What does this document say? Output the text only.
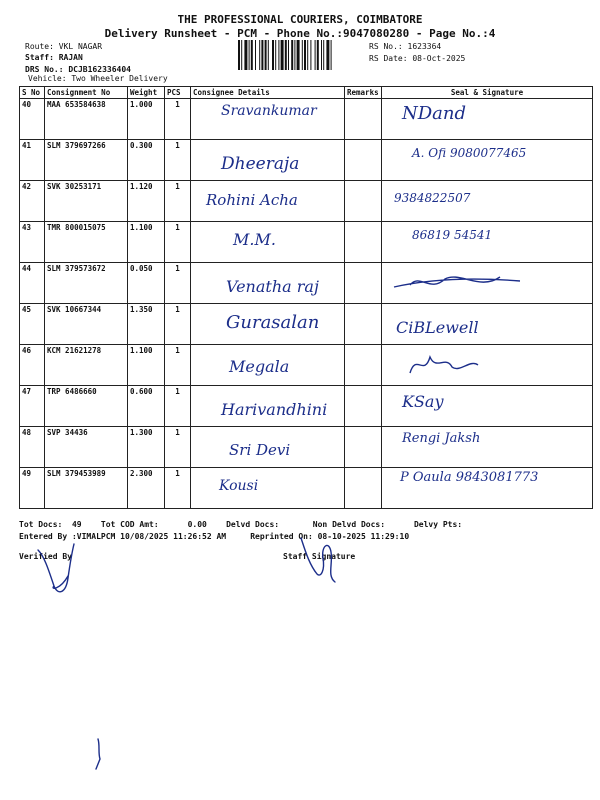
THE PROFESSIONAL COURIERS, COIMBATORE
Delivery Runsheet - PCM - Phone No.:9047080280 - Page No.:4
Route: VKL NAGAR
Staff: RAJAN
DRS No.: DCJB162336404
Vehicle: Two Wheeler Delivery
RS No.: 1623364
RS Date: 08-Oct-2025
S No	Consignment No	Weight	PCS	Consignee Details	Remarks	Seal & Signature
40	MAA 653584638	1.000	1	Sravankumar		NDand

41	SLM 379697266	0.300	1	Dheeraja		A. Ofi 9080077465

42	SVK 30253171	1.120	1	Rohini Acha		9384822507

43	TMR 800015075	1.100	1	M.M.		86819 54541

44	SLM 379573672	0.050	1	Venatha raj

45	SVK 10667344	1.350	1	Gurasalan		CiBLewell

46	KCM 21621278	1.100	1	Megala

47	TRP 6486660	0.600	1	Harivandhini		KSay

48	SVP 34436	1.300	1	Sri Devi		Rengi Jaksh

49	SLM 379453989	2.300	1	Kousi		P Oaula 9843081773
Tot Docs:  49    Tot COD Amt:      0.00    Delvd Docs:       Non Delvd Docs:      Delvy Pts:
Entered By :VIMALPCM 10/08/2025 11:26:52 AM     Reprinted On: 08-10-2025 11:29:10
Verified By	Staff Signature
